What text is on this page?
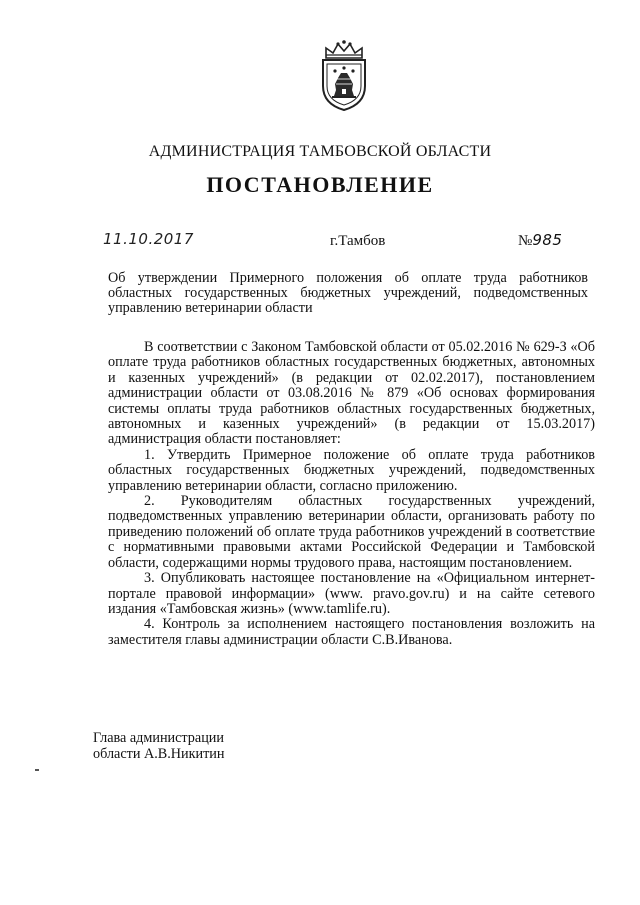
АДМИНИСТРАЦИЯ ТАМБОВСКОЙ ОБЛАСТИ
ПОСТАНОВЛЕНИЕ
11.10.2017	г.Тамбов	№985
Об утверждении Примерного положения об оплате труда работников областных государственных бюджетных учреждений, подведомственных управлению ветеринарии области

В соответствии с Законом Тамбовской области от 05.02.2016 № 629-З «Об оплате труда работников областных государственных бюджетных, автономных и казенных учреждений» (в редакции от 02.02.2017), постановлением администрации области от 03.08.2016 № 879 «Об основах формирования системы оплаты труда работников областных государственных бюджетных, автономных и казенных учреждений» (в редакции от 15.03.2017) администрация области постановляет:

1. Утвердить Примерное положение об оплате труда работников областных государственных бюджетных учреждений, подведомственных управлению ветеринарии области, согласно приложению.

2. Руководителям областных государственных учреждений, подведомственных управлению ветеринарии области, организовать работу по приведению положений об оплате труда работников учреждений в соответствие с нормативными правовыми актами Российской Федерации и Тамбовской области, содержащими нормы трудового права, настоящим постановлением.

3. Опубликовать настоящее постановление на «Официальном интернет-портале правовой информации» (www. pravo.gov.ru) и на сайте сетевого издания «Тамбовская жизнь» (www.tamlife.ru).

4. Контроль за исполнением настоящего постановления возложить на заместителя главы администрации области С.В.Иванова.

Глава администрации
области А.В.Никитин
